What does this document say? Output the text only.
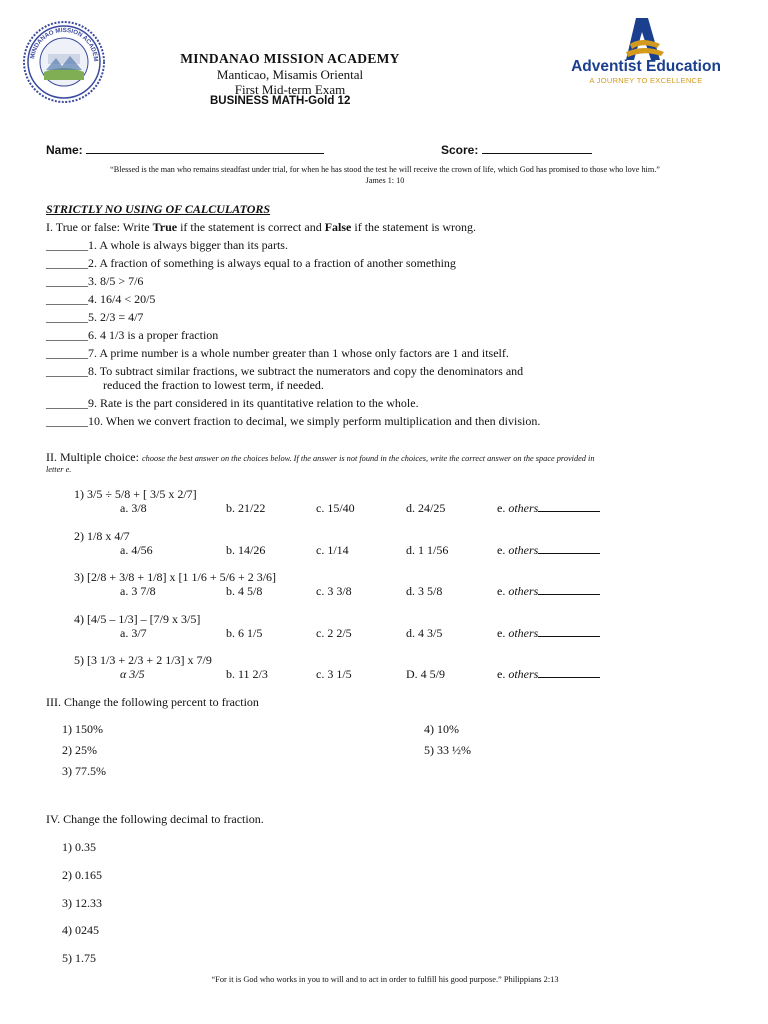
MINDANAO MISSION ACADEM	MINDANAO MISSION ACADEMY
Manticao, Misamis Oriental
First Mid-term Exam
BUSINESS MATH-Gold 12
Adventist Education
A JOURNEY TO EXCELLENCE
Name:	Score:
“Blessed is the man who remains steadfast under trial, for when he has stood the test he will receive the crown of life, which God has promised to those who love him.”
James 1: 10
STRICTLY NO USING OF CALCULATORS
I. True or false: Write True if the statement is correct and False if the statement is wrong.
_______1. A whole is always bigger than its parts.
_______2. A fraction of something is always equal to a fraction of another something
_______3. 8/5 > 7/6
_______4. 16/4 < 20/5
_______5. 2/3 = 4/7
_______6. 4 1/3 is a proper fraction
_______7. A prime number is a whole number greater than 1 whose only factors are 1 and itself.
_______8. To subtract similar fractions, we subtract the numerators and copy the denominators and
reduced the fraction to lowest term, if needed.
_______9. Rate is the part considered in its quantitative relation to the whole.
_______10. When we convert fraction to decimal, we simply perform multiplication and then division.
II. Multiple choice: choose the best answer on the choices below. If the answer is not found in the choices, write the correct answer on the space provided in
letter e.
1) 3/5 ÷ 5/8 + [ 3/5 x 2/7]
a. 3/8	b. 21/22	c. 15/40	d. 24/25	e. others
2) 1/8 x 4/7
a. 4/56	b. 14/26	c. 1/14	d. 1 1/56	e. others
3) [2/8 + 3/8 + 1/8] x [1 1/6 + 5/6 + 2 3/6]
a. 3 7/8	b. 4 5/8	c. 3 3/8	d. 3 5/8	e. others
4) [4/5 – 1/3] – [7/9 x 3/5]
a. 3/7	b. 6 1/5	c. 2 2/5	d. 4 3/5	e. others
5) [3 1/3 + 2/3 + 2 1/3] x 7/9
α 3/5	b. 11 2/3	c. 3 1/5	D. 4 5/9	e. others
III. Change the following percent to fraction
1) 150%
2) 25%
3) 77.5%
4) 10%
5) 33 ½%
IV. Change the following decimal to fraction.
1) 0.35
2) 0.165
3) 12.33
4) 0245
5) 1.75
“For it is God who works in you to will and to act in order to fulfill his good purpose.” Philippians 2:13
